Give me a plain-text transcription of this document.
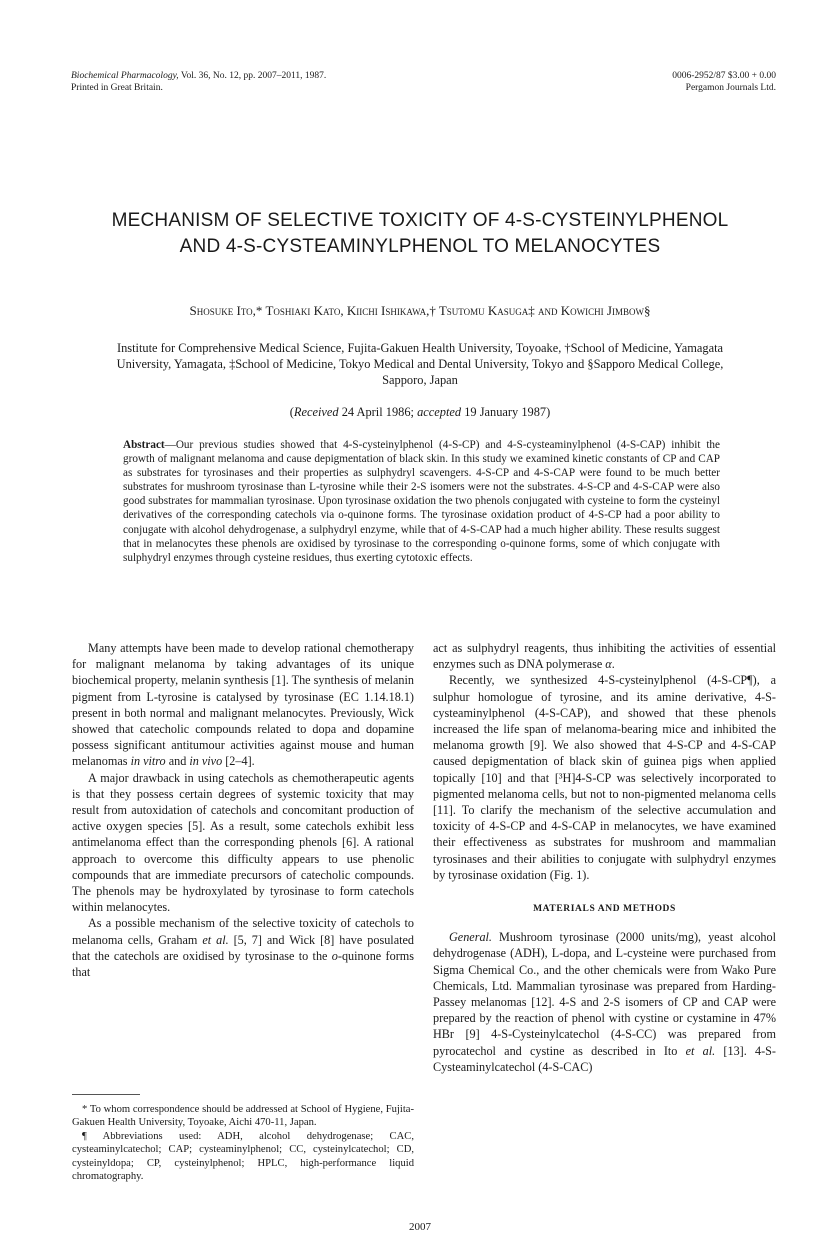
Biochemical Pharmacology, Vol. 36, No. 12, pp. 2007–2011, 1987.
Printed in Great Britain.
0006-2952/87 $3.00 + 0.00
Pergamon Journals Ltd.
MECHANISM OF SELECTIVE TOXICITY OF 4-S-CYSTEINYLPHENOL AND 4-S-CYSTEAMINYLPHENOL TO MELANOCYTES
Shosuke Ito,* Toshiaki Kato, Kiichi Ishikawa,† Tsutomu Kasuga‡ and Kowichi Jimbow§
Institute for Comprehensive Medical Science, Fujita-Gakuen Health University, Toyoake, †School of Medicine, Yamagata University, Yamagata, ‡School of Medicine, Tokyo Medical and Dental University, Tokyo and §Sapporo Medical College, Sapporo, Japan
(Received 24 April 1986; accepted 19 January 1987)
Abstract—Our previous studies showed that 4-S-cysteinylphenol (4-S-CP) and 4-S-cysteaminylphenol (4-S-CAP) inhibit the growth of malignant melanoma and cause depigmentation of black skin. In this study we examined kinetic constants of CP and CAP as substrates for tyrosinases and their properties as sulphydryl scavengers. 4-S-CP and 4-S-CAP were found to be much better substrates for mushroom tyrosinase than L-tyrosine while their 2-S isomers were not the substrates. 4-S-CP and 4-S-CAP were also good substrates for mammalian tyrosinase. Upon tyrosinase oxidation the two phenols conjugated with cysteine to form the cysteinyl derivatives of the corresponding catechols via o-quinone forms. The tyrosinase oxidation product of 4-S-CP had a poor ability to conjugate with alcohol dehydrogenase, a sulphydryl enzyme, while that of 4-S-CAP had a much higher ability. These results suggest that in melanocytes these phenols are oxidised by tyrosinase to the corresponding o-quinone forms, some of which conjugate with sulphydryl enzymes through cysteine residues, thus exerting cytotoxic effects.

Many attempts have been made to develop rational chemotherapy for malignant melanoma by taking advantages of its unique biochemical property, melanin synthesis [1]. The synthesis of melanin pigment from L-tyrosine is catalysed by tyrosinase (EC 1.14.18.1) present in both normal and malignant melanocytes. Previously, Wick showed that catecholic compounds related to dopa and dopamine possess significant antitumour activities against mouse and human melanomas in vitro and in vivo [2–4].

A major drawback in using catechols as chemotherapeutic agents is that they possess certain degrees of systemic toxicity that may result from autoxidation of catechols and concomitant production of active oxygen species [5]. As a result, some catechols exhibit less antimelanoma effect than the corresponding phenols [6]. A rational approach to overcome this difficulty appears to use phenolic compounds that are immediate precursors of catecholic compounds. The phenols may be hydroxylated by tyrosinase to form catechols within melanocytes.

As a possible mechanism of the selective toxicity of catechols to melanoma cells, Graham et al. [5, 7] and Wick [8] have posulated that the catechols are oxidised by tyrosinase to the o-quinone forms that

act as sulphydryl reagents, thus inhibiting the activities of essential enzymes such as DNA polymerase α.

Recently, we synthesized 4-S-cysteinylphenol (4-S-CP¶), a sulphur homologue of tyrosine, and its amine derivative, 4-S-cysteaminylphenol (4-S-CAP), and showed that these phenols increased the life span of melanoma-bearing mice and inhibited the melanoma growth [9]. We also showed that 4-S-CP and 4-S-CAP caused depigmentation of black skin of guinea pigs when applied topically [10] and that [³H]4-S-CP was selectively incorporated to pigmented melanoma cells, but not to non-pigmented melanoma cells [11]. To clarify the mechanism of the selective accumulation and toxicity of 4-S-CP and 4-S-CAP in melanocytes, we have examined their effectiveness as substrates for mushroom and mammalian tyrosinases and their abilities to conjugate with sulphydryl enzymes by tyrosinase oxidation (Fig. 1).

MATERIALS AND METHODS

General. Mushroom tyrosinase (2000 units/mg), yeast alcohol dehydrogenase (ADH), L-dopa, and L-cysteine were purchased from Sigma Chemical Co., and the other chemicals were from Wako Pure Chemicals, Ltd. Mammalian tyrosinase was prepared from Harding-Passey melanomas [12]. 4-S and 2-S isomers of CP and CAP were prepared by the reaction of phenol with cystine or cystamine in 47% HBr [9] 4-S-Cysteinylcatechol (4-S-CC) was prepared from pyrocatechol and cystine as described in Ito et al. [13]. 4-S-Cysteaminylcatechol (4-S-CAC)

* To whom correspondence should be addressed at School of Hygiene, Fujita-Gakuen Health University, Toyoake, Aichi 470-11, Japan.

¶ Abbreviations used: ADH, alcohol dehydrogenase; CAC, cysteaminylcatechol; CAP; cysteaminylphenol; CC, cysteinylcatechol; CD, cysteinyldopa; CP, cysteinylphenol; HPLC, high-performance liquid chromatography.

2007
